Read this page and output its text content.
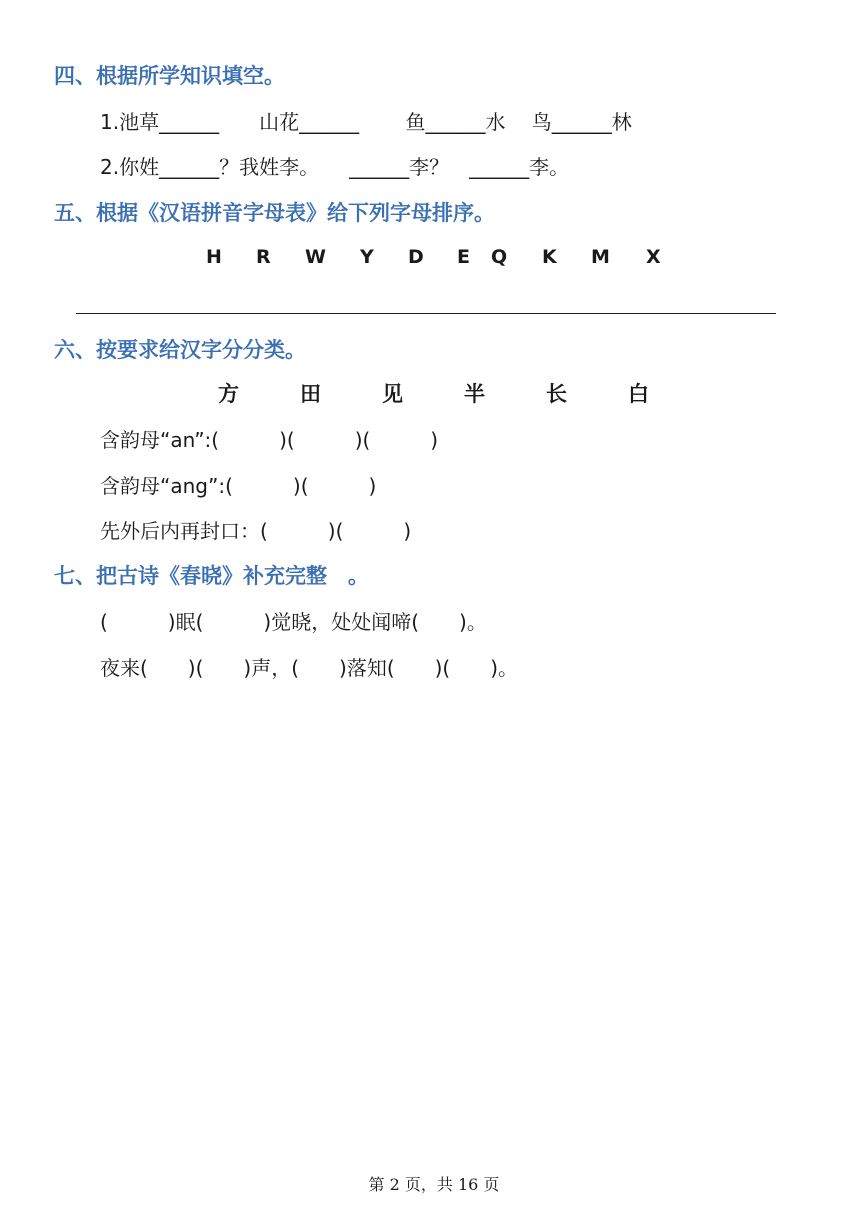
四、根据所学知识填空。
1.池草______　　山花______　　 鱼______水　 鸟______林
2.你姓______？我姓李。　　______李？　______李。
五、根据《汉语拼音字母表》给下列字母排序。
H R W Y D E Q K M X
六、按要求给汉字分分类。
方	田	见	半	长	白
含韵母“an”:(　　　)(　　　)(　　　)
含韵母“ang”:(　　　)(　　　)
先外后内再封口：(　　　)(　　　)
七、把古诗《春晓》补充完整　。
(　　　)眠(　　　)觉晓，处处闻啼(　　)。
夜来(　　)(　　)声，(　　)落知(　　)(　　)。
第 2 页，共 16 页
